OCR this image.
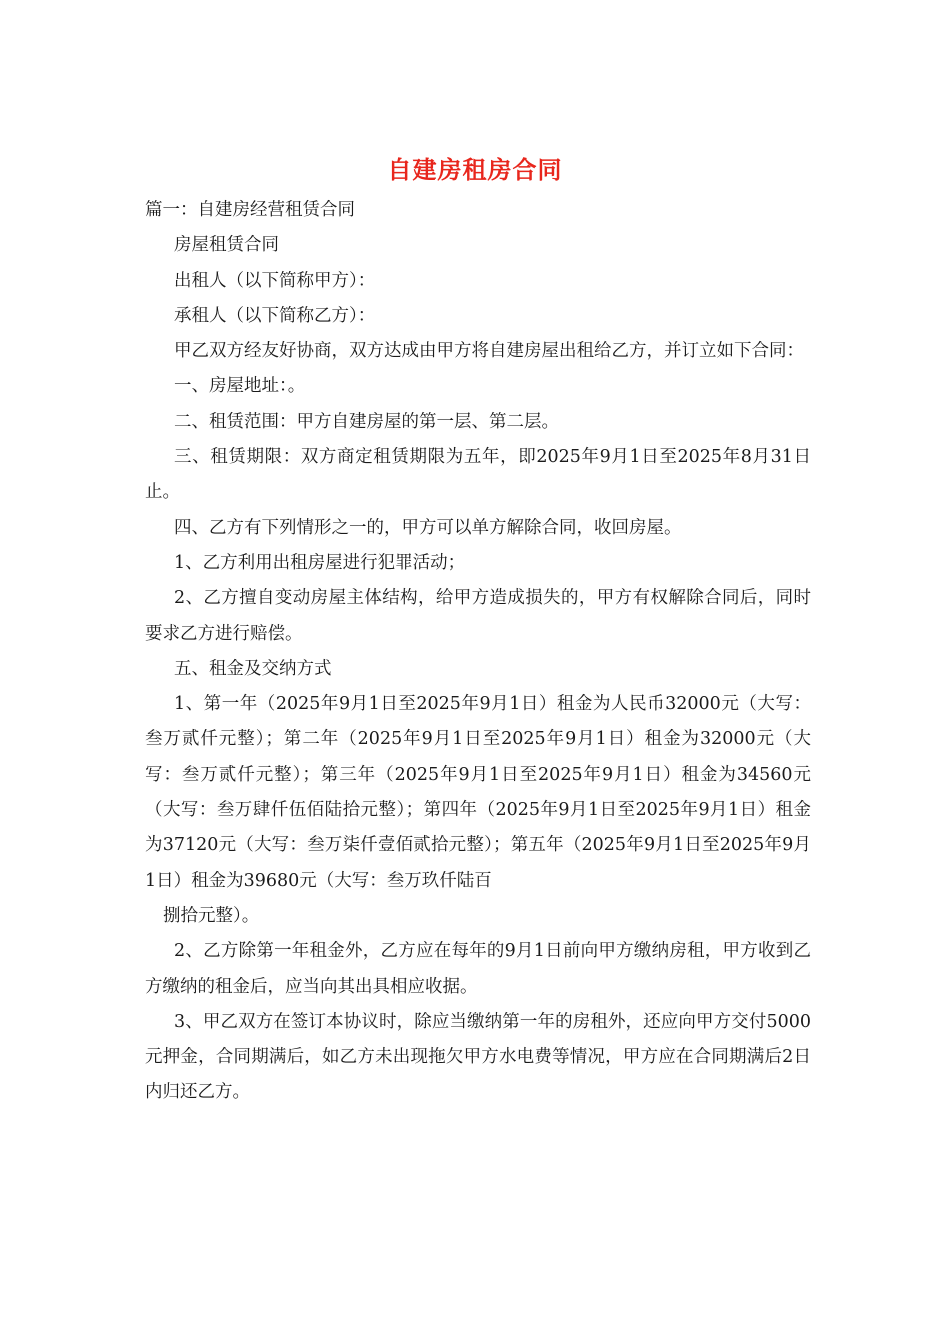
自建房租房合同

篇一：自建房经营租赁合同

房屋租赁合同

出租人（以下简称甲方）：

承租人（以下简称乙方）：

甲乙双方经友好协商，双方达成由甲方将自建房屋出租给乙方，并订立如下合同：

一、房屋地址：。

二、租赁范围：甲方自建房屋的第一层、第二层。

三、租赁期限：双方商定租赁期限为五年，即2025年9月1日至2025年8月31日止。

四、乙方有下列情形之一的，甲方可以单方解除合同，收回房屋。

1、乙方利用出租房屋进行犯罪活动；

2、乙方擅自变动房屋主体结构，给甲方造成损失的，甲方有权解除合同后，同时要求乙方进行赔偿。

五、租金及交纳方式

1、第一年（2025年9月1日至2025年9月1日）租金为人民币32000元（大写：叁万贰仟元整）；第二年（2025年9月1日至2025年9月1日）租金为32000元（大写：叁万贰仟元整）；第三年（2025年9月1日至2025年9月1日）租金为34560元（大写：叁万肆仟伍佰陆拾元整）；第四年（2025年9月1日至2025年9月1日）租金为37120元（大写：叁万柒仟壹佰贰拾元整）；第五年（2025年9月1日至2025年9月1日）租金为39680元（大写：叁万玖仟陆百

捌拾元整）。

2、乙方除第一年租金外，乙方应在每年的9月1日前向甲方缴纳房租，甲方收到乙方缴纳的租金后，应当向其出具相应收据。

3、甲乙双方在签订本协议时，除应当缴纳第一年的房租外，还应向甲方交付5000元押金，合同期满后，如乙方未出现拖欠甲方水电费等情况，甲方应在合同期满后2日内归还乙方。
